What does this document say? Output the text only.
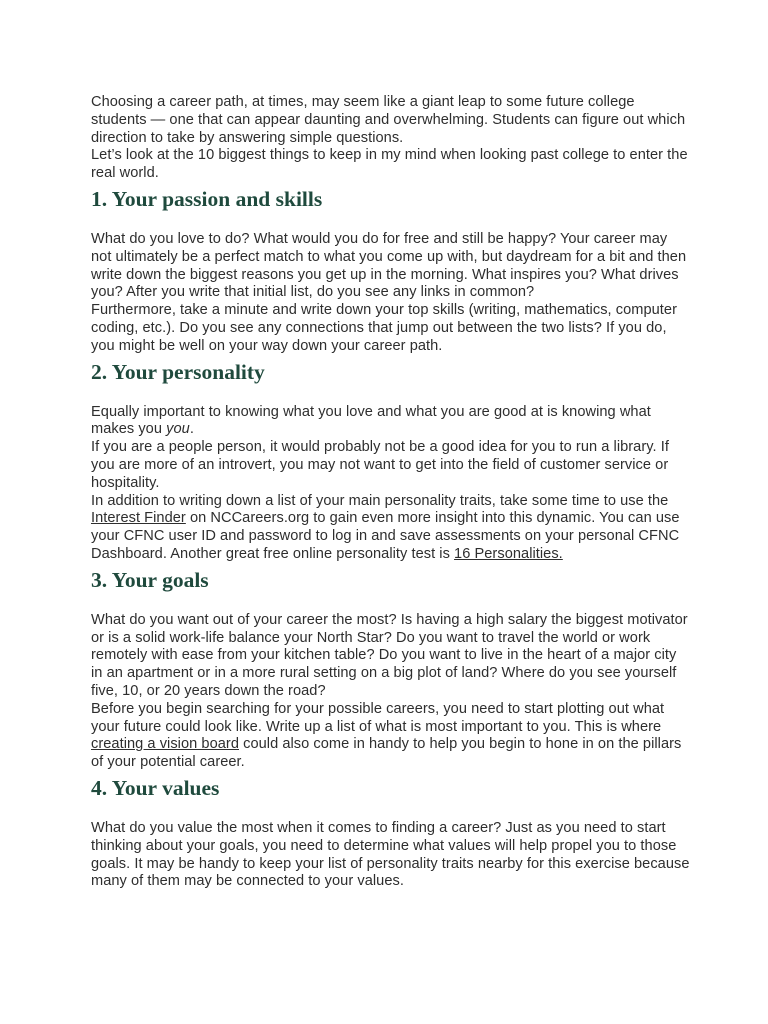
Choosing a career path, at times, may seem like a giant leap to some future college students — one that can appear daunting and overwhelming. Students can figure out which direction to take by answering simple questions.

Let’s look at the 10 biggest things to keep in my mind when looking past college to enter the real world.

1. Your passion and skills

What do you love to do? What would you do for free and still be happy? Your career may not ultimately be a perfect match to what you come up with, but daydream for a bit and then write down the biggest reasons you get up in the morning. What inspires you? What drives you? After you write that initial list, do you see any links in common?

Furthermore, take a minute and write down your top skills (writing, mathematics, computer coding, etc.). Do you see any connections that jump out between the two lists? If you do, you might be well on your way down your career path.

2. Your personality

Equally important to knowing what you love and what you are good at is knowing what makes you you.

If you are a people person, it would probably not be a good idea for you to run a library. If you are more of an introvert, you may not want to get into the field of customer service or hospitality.

In addition to writing down a list of your main personality traits, take some time to use the Interest Finder on NCCareers.org to gain even more insight into this dynamic. You can use your CFNC user ID and password to log in and save assessments on your personal CFNC Dashboard. Another great free online personality test is 16 Personalities.

3. Your goals

What do you want out of your career the most? Is having a high salary the biggest motivator or is a solid work-life balance your North Star? Do you want to travel the world or work remotely with ease from your kitchen table? Do you want to live in the heart of a major city in an apartment or in a more rural setting on a big plot of land? Where do you see yourself five, 10, or 20 years down the road?

Before you begin searching for your possible careers, you need to start plotting out what your future could look like. Write up a list of what is most important to you. This is where creating a vision board could also come in handy to help you begin to hone in on the pillars of your potential career.

4. Your values

What do you value the most when it comes to finding a career? Just as you need to start thinking about your goals, you need to determine what values will help propel you to those goals. It may be handy to keep your list of personality traits nearby for this exercise because many of them may be connected to your values.
